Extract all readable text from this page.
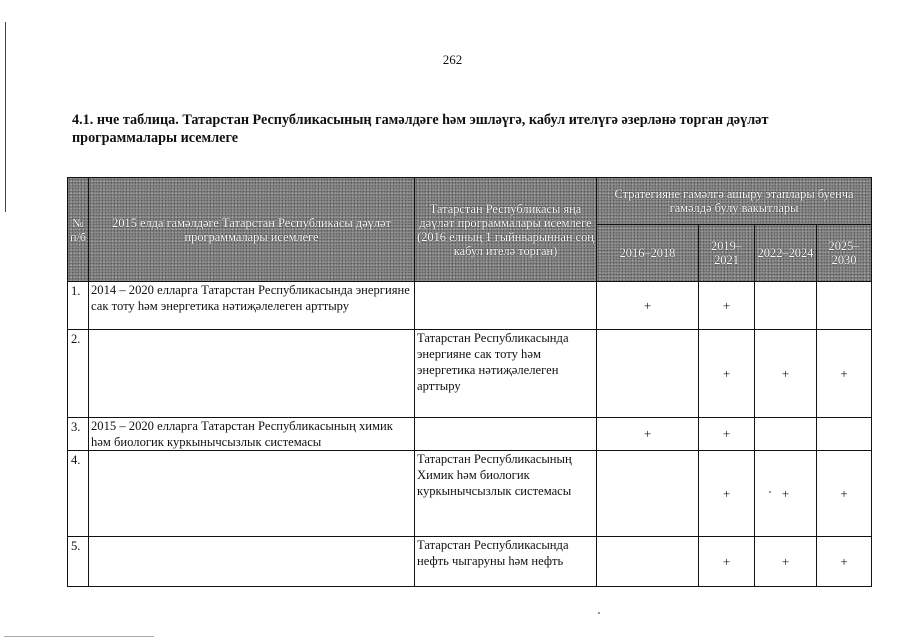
262
4.1. нче таблица. Татарстан Республикасының гамәлдәге һәм эшләүгә, кабул ителүгә әзерләнә торган дәүләт программалары исемлеге
№ п/б	2015 елда гамәлдәге Татарстан Республикасы дәүләт программалары исемлеге	Татарстан Республикасы яңа дәүләт программалары исемлеге (2016 елның 1 гыйнварыннан соң кабул ителә торган)	Стратегияне гамәлгә ашыру этаплары буенча гамәлдә булу вакытлары			
			2016–2018	2019–2021	2022–2024	2025–2030
1.	2014 – 2020 елларга Татарстан Республикасында энергияне сак тоту һәм энергетика нәтиҗәлелеген арттыру		+	+		
2.		Татарстан Республикасында энергияне сак тоту һәм энергетика нәтиҗәлелеген арттыру		+	+	+
3.	2015 – 2020 елларга Татарстан Республикасының химик һәм биологик куркынычсызлык системасы		+	+		
4.		Татарстан Республикасының Химик һәм биологик куркынычсызлык системасы		+	+	+
5.		Татарстан Республикасында нефть чыгаруны һәм нефть		+	+	+
